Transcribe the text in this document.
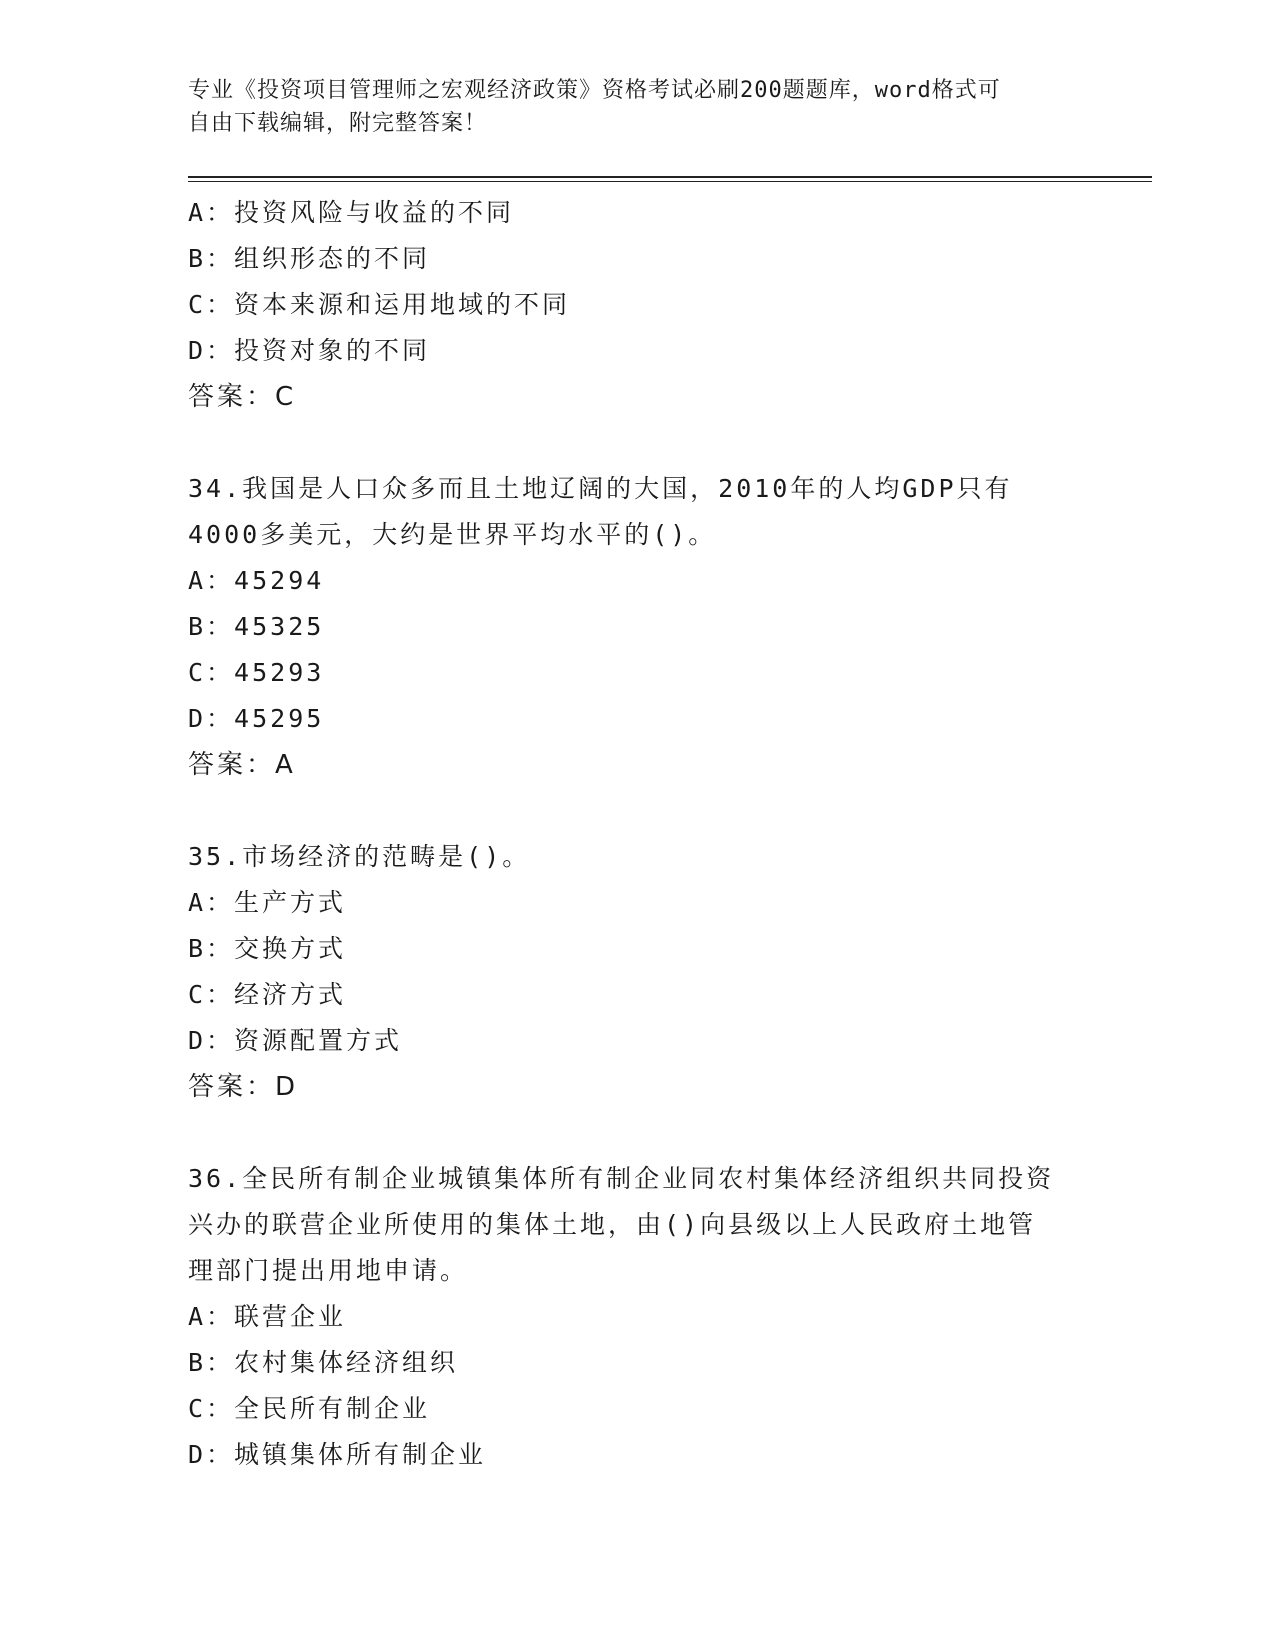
专业《投资项目管理师之宏观经济政策》资格考试必刷200题题库，word格式可
自由下载编辑，附完整答案！
A：投资风险与收益的不同
B：组织形态的不同
C：资本来源和运用地域的不同
D：投资对象的不同
答案：C
34.我国是人口众多而且土地辽阔的大国，2010年的人均GDP只有
4000多美元，大约是世界平均水平的()。
A：45294
B：45325
C：45293
D：45295
答案：A
35.市场经济的范畴是()。
A：生产方式
B：交换方式
C：经济方式
D：资源配置方式
答案：D
36.全民所有制企业城镇集体所有制企业同农村集体经济组织共同投资
兴办的联营企业所使用的集体土地，由()向县级以上人民政府土地管
理部门提出用地申请。
A：联营企业
B：农村集体经济组织
C：全民所有制企业
D：城镇集体所有制企业
